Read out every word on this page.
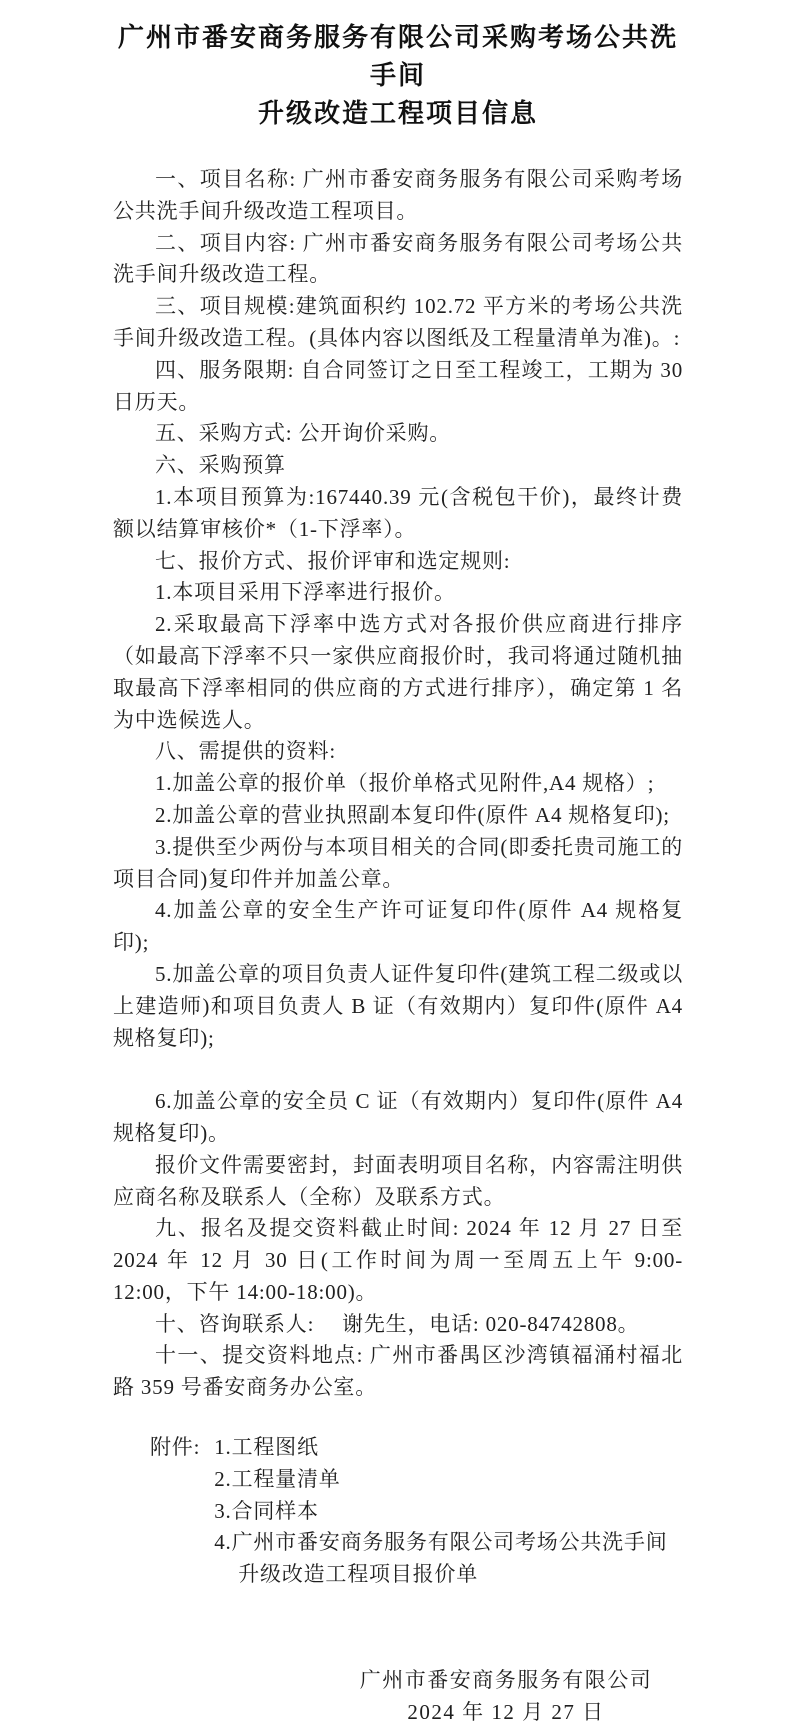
广州市番安商务服务有限公司采购考场公共洗手间
升级改造工程项目信息

一、项目名称: 广州市番安商务服务有限公司采购考场公共洗手间升级改造工程项目。

二、项目内容: 广州市番安商务服务有限公司考场公共洗手间升级改造工程。

三、项目规模:建筑面积约 102.72 平方米的考场公共洗手间升级改造工程。(具体内容以图纸及工程量清单为准)。:

四、服务限期: 自合同签订之日至工程竣工，工期为 30 日历天。

五、采购方式: 公开询价采购。

六、采购预算

1.本项目预算为:167440.39 元(含税包干价)，最终计费额以结算审核价*（1-下浮率）。

七、报价方式、报价评审和选定规则:

1.本项目采用下浮率进行报价。

2.采取最高下浮率中选方式对各报价供应商进行排序（如最高下浮率不只一家供应商报价时，我司将通过随机抽取最高下浮率相同的供应商的方式进行排序），确定第 1 名为中选候选人。

八、需提供的资料:

1.加盖公章的报价单（报价单格式见附件,A4 规格）;

2.加盖公章的营业执照副本复印件(原件 A4 规格复印);

3.提供至少两份与本项目相关的合同(即委托贵司施工的项目合同)复印件并加盖公章。

4.加盖公章的安全生产许可证复印件(原件 A4 规格复印);

5.加盖公章的项目负责人证件复印件(建筑工程二级或以上建造师)和项目负责人 B 证（有效期内）复印件(原件 A4 规格复印);

6.加盖公章的安全员 C 证（有效期内）复印件(原件 A4 规格复印)。

报价文件需要密封，封面表明项目名称，内容需注明供应商名称及联系人（全称）及联系方式。

九、报名及提交资料截止时间: 2024 年 12 月 27 日至 2024 年 12 月 30 日(工作时间为周一至周五上午 9:00-12:00，下午 14:00-18:00)。

十、咨询联系人: 　谢先生，电话: 020-84742808。

十一、提交资料地点: 广州市番禺区沙湾镇福涌村福北路 359 号番安商务办公室。

附件: 1.工程图纸

2.工程量清单

3.合同样本

4.广州市番安商务服务有限公司考场公共洗手间升级改造工程项目报价单

广州市番安商务服务有限公司

2024 年 12 月 27 日
